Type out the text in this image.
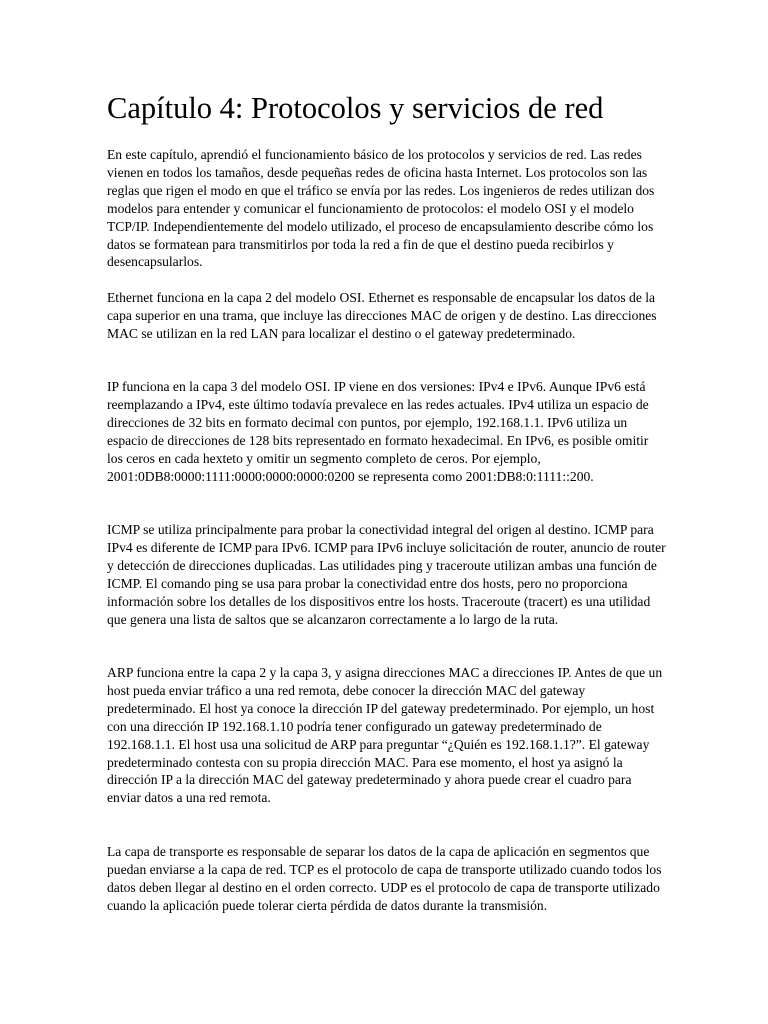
Capítulo 4: Protocolos y servicios de red

En este capítulo, aprendió el funcionamiento básico de los protocolos y servicios de red. Las redes vienen en todos los tamaños, desde pequeñas redes de oficina hasta Internet. Los protocolos son las reglas que rigen el modo en que el tráfico se envía por las redes. Los ingenieros de redes utilizan dos modelos para entender y comunicar el funcionamiento de protocolos: el modelo OSI y el modelo TCP/IP. Independientemente del modelo utilizado, el proceso de encapsulamiento describe cómo los datos se formatean para transmitirlos por toda la red a fin de que el destino pueda recibirlos y desencapsularlos.

Ethernet funciona en la capa 2 del modelo OSI. Ethernet es responsable de encapsular los datos de la capa superior en una trama, que incluye las direcciones MAC de origen y de destino. Las direcciones MAC se utilizan en la red LAN para localizar el destino o el gateway predeterminado.

IP funciona en la capa 3 del modelo OSI. IP viene en dos versiones: IPv4 e IPv6. Aunque IPv6 está reemplazando a IPv4, este último todavía prevalece en las redes actuales. IPv4 utiliza un espacio de direcciones de 32 bits en formato decimal con puntos, por ejemplo, 192.168.1.1. IPv6 utiliza un espacio de direcciones de 128 bits representado en formato hexadecimal. En IPv6, es posible omitir los ceros en cada hexteto y omitir un segmento completo de ceros. Por ejemplo, 2001:0DB8:0000:1111:0000:0000:0000:0200 se representa como 2001:DB8:0:1111::200.

ICMP se utiliza principalmente para probar la conectividad integral del origen al destino. ICMP para IPv4 es diferente de ICMP para IPv6. ICMP para IPv6 incluye solicitación de router, anuncio de router y detección de direcciones duplicadas. Las utilidades ping y traceroute utilizan ambas una función de ICMP. El comando ping se usa para probar la conectividad entre dos hosts, pero no proporciona información sobre los detalles de los dispositivos entre los hosts. Traceroute (tracert) es una utilidad que genera una lista de saltos que se alcanzaron correctamente a lo largo de la ruta.

ARP funciona entre la capa 2 y la capa 3, y asigna direcciones MAC a direcciones IP. Antes de que un host pueda enviar tráfico a una red remota, debe conocer la dirección MAC del gateway predeterminado. El host ya conoce la dirección IP del gateway predeterminado. Por ejemplo, un host con una dirección IP 192.168.1.10 podría tener configurado un gateway predeterminado de 192.168.1.1. El host usa una solicitud de ARP para preguntar “¿Quién es 192.168.1.1?”. El gateway predeterminado contesta con su propia dirección MAC. Para ese momento, el host ya asignó la dirección IP a la dirección MAC del gateway predeterminado y ahora puede crear el cuadro para enviar datos a una red remota.

La capa de transporte es responsable de separar los datos de la capa de aplicación en segmentos que puedan enviarse a la capa de red. TCP es el protocolo de capa de transporte utilizado cuando todos los datos deben llegar al destino en el orden correcto. UDP es el protocolo de capa de transporte utilizado cuando la aplicación puede tolerar cierta pérdida de datos durante la transmisión.
